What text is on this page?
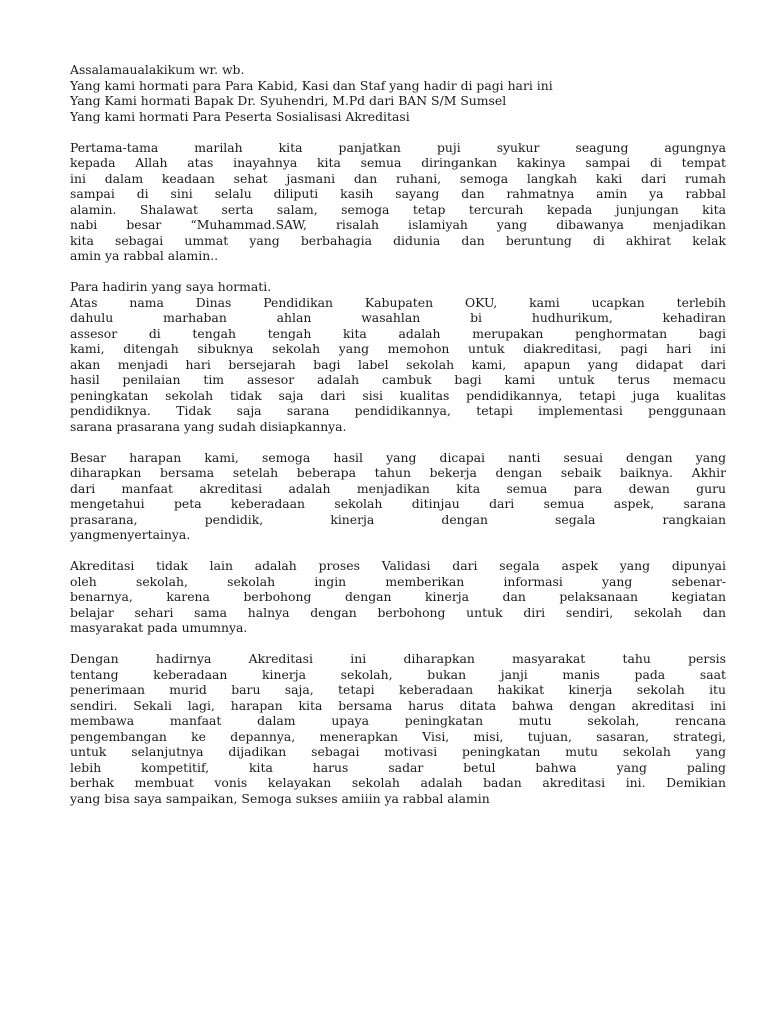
Assalamaualakikum wr. wb.
Yang kami hormati para Para Kabid, Kasi dan Staf yang hadir di pagi hari ini
Yang Kami hormati Bapak Dr. Syuhendri, M.Pd dari BAN S/M Sumsel
Yang kami hormati Para Peserta Sosialisasi Akreditasi
Pertama-tama marilah kita panjatkan puji syukur seagung agungnya
kepada Allah atas inayahnya kita semua diringankan kakinya sampai di tempat
ini dalam keadaan sehat jasmani dan ruhani, semoga langkah kaki dari rumah
sampai di sini selalu diliputi kasih sayang dan rahmatnya amin ya rabbal
alamin. Shalawat serta salam, semoga tetap tercurah kepada junjungan kita
nabi besar “Muhammad.SAW, risalah islamiyah yang dibawanya menjadikan
kita sebagai ummat yang berbahagia didunia dan beruntung di akhirat kelak
amin ya rabbal alamin..
Para hadirin yang saya hormati.
Atas nama Dinas Pendidikan Kabupaten OKU, kami ucapkan terlebih
dahulu marhaban ahlan wasahlan bi hudhurikum, kehadiran
assesor di tengah tengah kita adalah merupakan penghormatan bagi
kami, ditengah sibuknya sekolah yang memohon untuk diakreditasi, pagi hari ini
akan menjadi hari bersejarah bagi label sekolah kami, apapun yang didapat dari
hasil penilaian tim assesor adalah cambuk bagi kami untuk terus memacu
peningkatan sekolah tidak saja dari sisi kualitas pendidikannya, tetapi juga kualitas
pendidiknya. Tidak saja sarana pendidikannya, tetapi implementasi penggunaan
sarana prasarana yang sudah disiapkannya.
Besar harapan kami, semoga hasil yang dicapai nanti sesuai dengan yang
diharapkan bersama setelah beberapa tahun bekerja dengan sebaik baiknya. Akhir
dari manfaat akreditasi adalah menjadikan kita semua para dewan guru
mengetahui peta keberadaan sekolah ditinjau dari semua aspek, sarana
prasarana, pendidik, kinerja dengan segala rangkaian
yangmenyertainya.
Akreditasi tidak lain adalah proses Validasi dari segala aspek yang dipunyai
oleh sekolah, sekolah ingin memberikan informasi yang sebenar-
benarnya, karena berbohong dengan kinerja dan pelaksanaan kegiatan
belajar sehari sama halnya dengan berbohong untuk diri sendiri, sekolah dan
masyarakat pada umumnya.
Dengan hadirnya Akreditasi ini diharapkan masyarakat tahu persis
tentang keberadaan kinerja sekolah, bukan janji manis pada saat
penerimaan murid baru saja, tetapi keberadaan hakikat kinerja sekolah itu
sendiri. Sekali lagi, harapan kita bersama harus ditata bahwa dengan akreditasi ini
membawa manfaat dalam upaya peningkatan mutu sekolah, rencana
pengembangan ke depannya, menerapkan Visi, misi, tujuan, sasaran, strategi,
untuk selanjutnya dijadikan sebagai motivasi peningkatan mutu sekolah yang
lebih kompetitif, kita harus sadar betul bahwa yang paling
berhak membuat vonis kelayakan sekolah adalah badan akreditasi ini. Demikian
yang bisa saya sampaikan, Semoga sukses amiiin ya rabbal alamin
